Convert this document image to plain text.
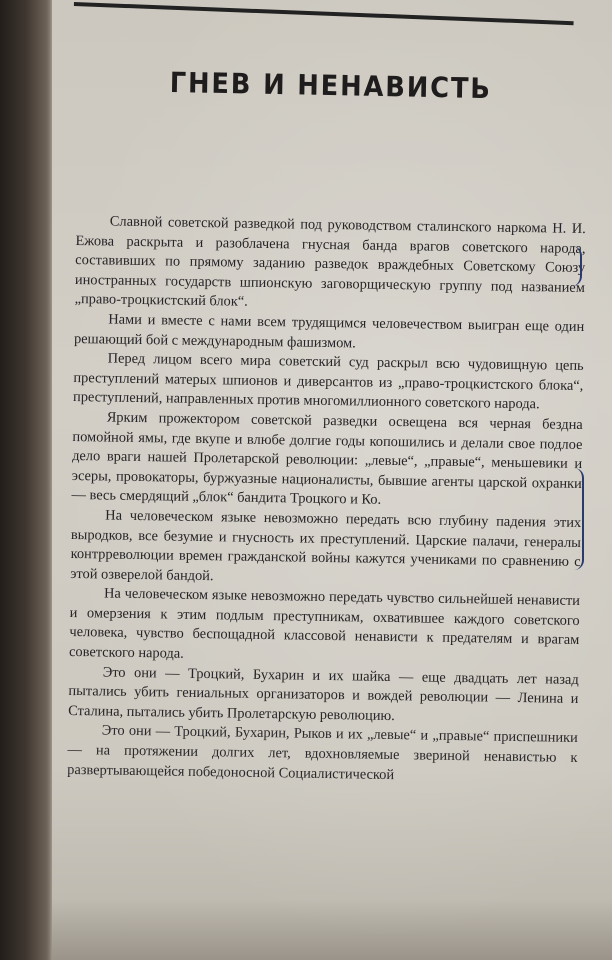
ГНЕВ И НЕНАВИСТЬ

Славной советской разведкой под руководством сталинского наркома Н. И. Ежова раскрыта и разоблачена гнусная банда врагов советского народа, составивших по прямому заданию разведок враждебных Советскому Союзу иностранных государств шпионскую заговорщическую группу под названием „право-троцкистский блок“.

Нами и вместе с нами всем трудящимся человечеством выигран еще один решающий бой с международным фашизмом.

Перед лицом всего мира советский суд раскрыл всю чудовищную цепь преступлений матерых шпионов и диверсантов из „право-троцкистского блока“, преступлений, направленных против многомиллионного советского народа.

Ярким прожектором советской разведки освещена вся черная бездна помойной ямы, где вкупе и влюбе долгие годы копошились и делали свое подлое дело враги нашей Пролетарской революции: „левые“, „правые“, меньшевики и эсеры, провокаторы, буржуазные националисты, бывшие агенты царской охранки — весь смердящий „блок“ бандита Троцкого и Ко.

На человеческом языке невозможно передать всю глубину падения этих выродков, все безумие и гнусность их преступлений. Царские палачи, генералы контрреволюции времен гражданской войны кажутся учениками по сравнению с этой озверелой бандой.

На человеческом языке невозможно передать чувство сильнейшей ненависти и омерзения к этим подлым преступникам, охватившее каждого советского человека, чувство беспощадной классовой ненависти к предателям и врагам советского народа.

Это они — Троцкий, Бухарин и их шайка — еще двадцать лет назад пытались убить гениальных организаторов и вождей революции — Ленина и Сталина, пытались убить Пролетарскую революцию.

Это они — Троцкий, Бухарин, Рыков и их „левые“ и „правые“ приспешники — на протяжении долгих лет, вдохновляемые звериной ненавистью к развертывающейся победоносной Социалистической
